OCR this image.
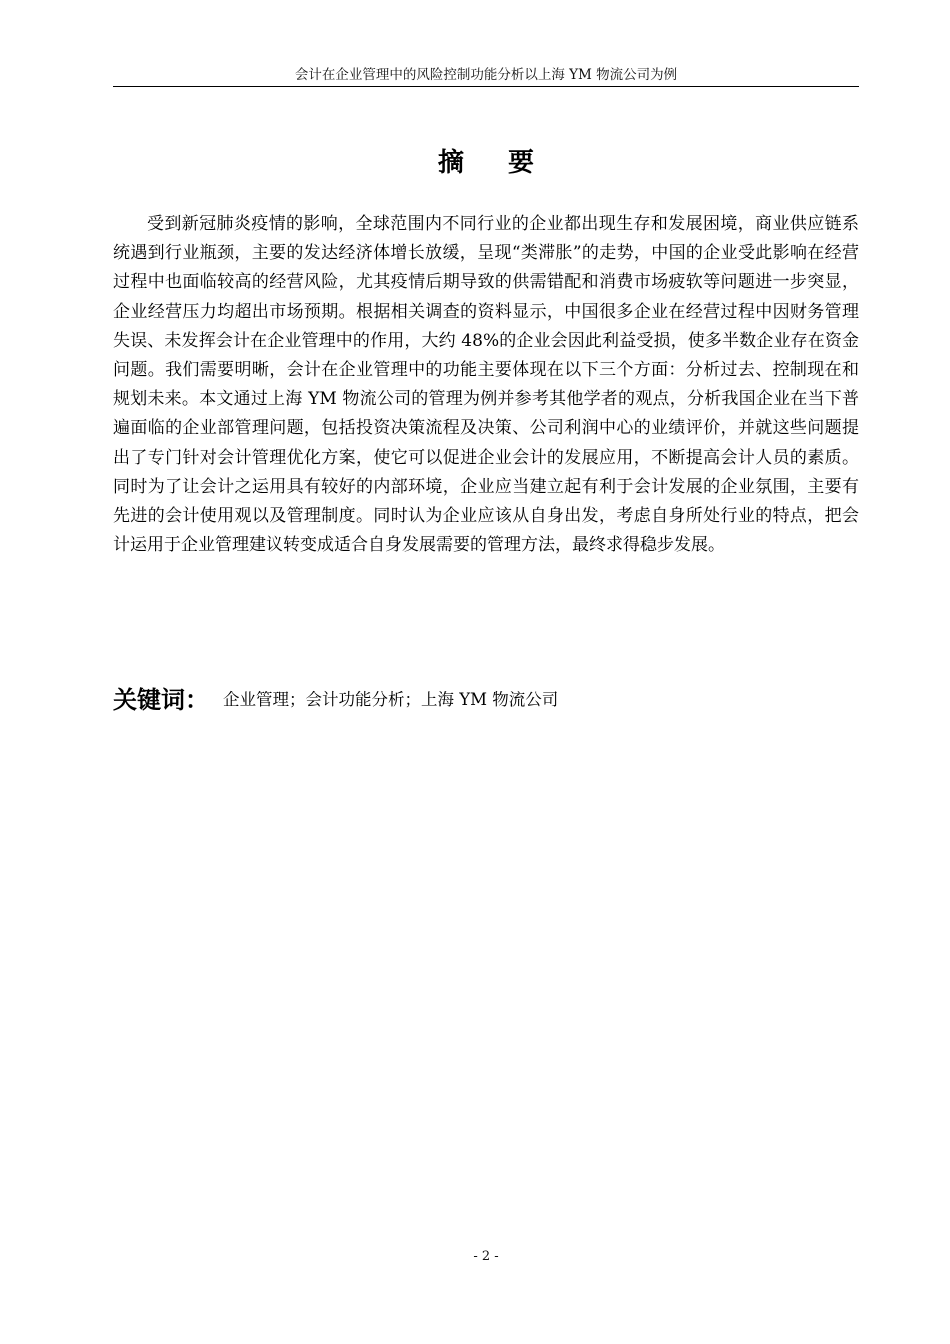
会计在企业管理中的风险控制功能分析以上海 YM 物流公司为例
摘要

受到新冠肺炎疫情的影响，全球范围内不同行业的企业都出现生存和发展困境，商业供应链系统遇到行业瓶颈，主要的发达经济体增长放缓，呈现“类滞胀”的走势，中国的企业受此影响在经营过程中也面临较高的经营风险，尤其疫情后期导致的供需错配和消费市场疲软等问题进一步突显，企业经营压力均超出市场预期。根据相关调查的资料显示，中国很多企业在经营过程中因财务管理失误、未发挥会计在企业管理中的作用，大约 48%的企业会因此利益受损，使多半数企业存在资金问题。我们需要明晰，会计在企业管理中的功能主要体现在以下三个方面：分析过去、控制现在和规划未来。本文通过上海 YM 物流公司的管理为例并参考其他学者的观点，分析我国企业在当下普遍面临的企业部管理问题，包括投资决策流程及决策、公司利润中心的业绩评价，并就这些问题提出了专门针对会计管理优化方案，使它可以促进企业会计的发展应用，不断提高会计人员的素质。同时为了让会计之运用具有较好的内部环境，企业应当建立起有利于会计发展的企业氛围，主要有先进的会计使用观以及管理制度。同时认为企业应该从自身出发，考虑自身所处行业的特点，把会计运用于企业管理建议转变成适合自身发展需要的管理方法，最终求得稳步发展。

关键词： 企业管理；会计功能分析；上海 YM 物流公司
- 2 -
